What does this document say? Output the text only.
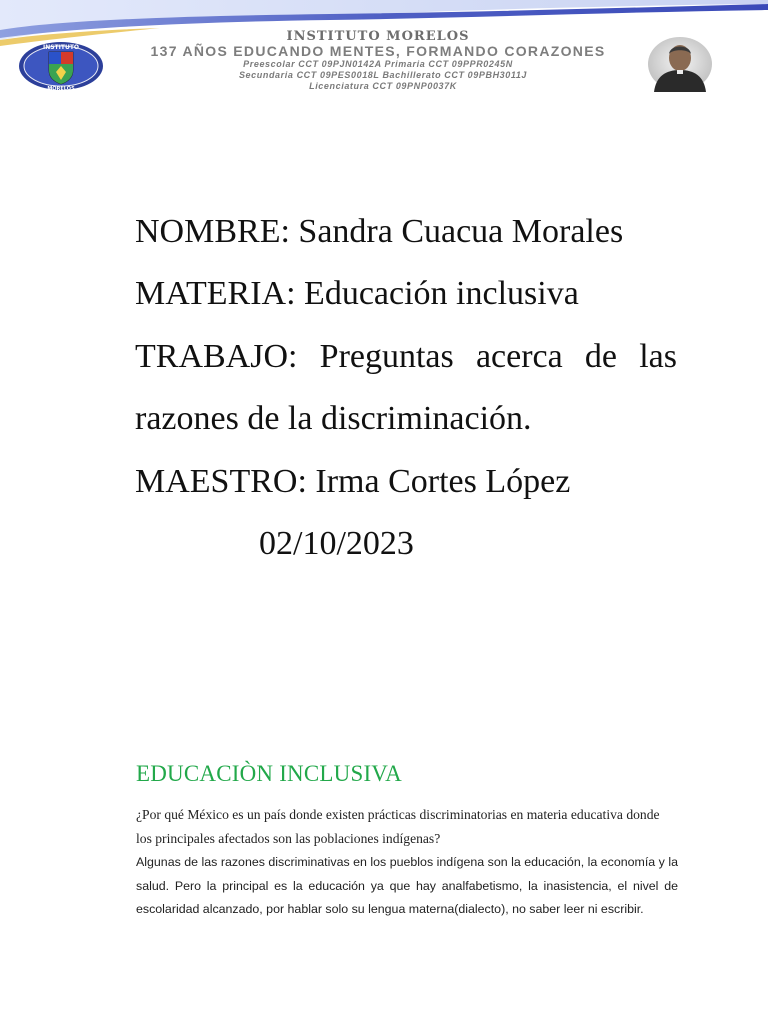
INSTITUTO
MORELOS
INSTITUTO MORELOS
137 AÑOS EDUCANDO MENTES, FORMANDO CORAZONES
Preescolar CCT 09PJN0142A Primaria CCT 09PPR0245N
Secundaria CCT 09PES0018L Bachillerato CCT 09PBH3011J
Licenciatura CCT 09PNP0037K
NOMBRE: Sandra Cuacua Morales
MATERIA: Educación inclusiva
TRABAJO: Preguntas acerca de las
razones de la discriminación.
MAESTRO: Irma Cortes López
02/10/2023
EDUCACIÒN INCLUSIVA
¿Por qué México es un país donde existen prácticas discriminatorias en materia educativa donde los principales afectados son las poblaciones indígenas?
Algunas de las razones discriminativas en los pueblos indígena son la educación, la economía y la salud. Pero la principal es la educación ya que hay analfabetismo, la inasistencia, el nivel de escolaridad alcanzado, por hablar solo su lengua materna(dialecto), no saber leer ni escribir.
